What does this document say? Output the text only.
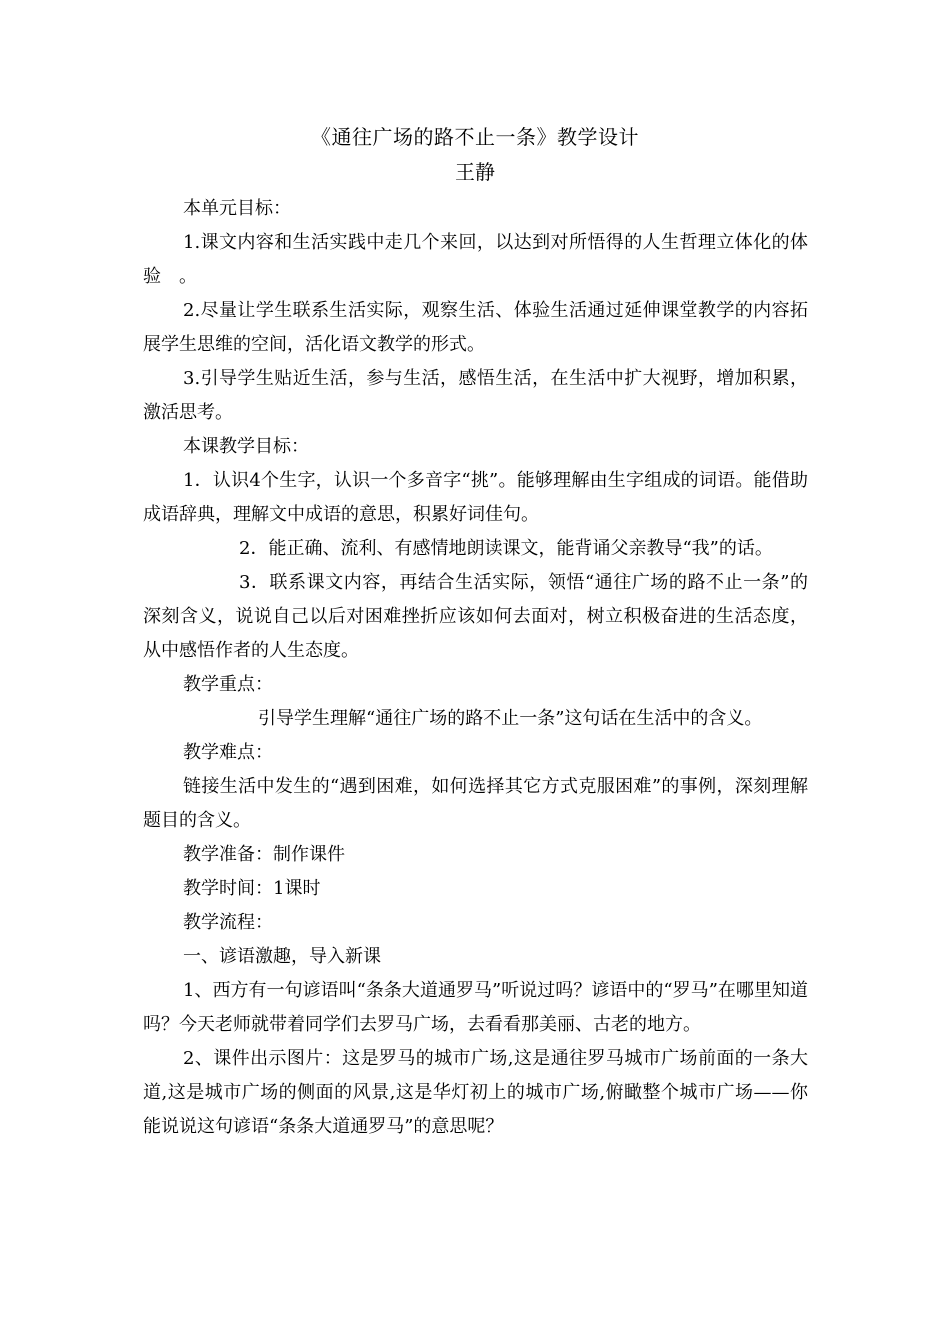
《通往广场的路不止一条》教学设计
王静

本单元目标：

1.课文内容和生活实践中走几个来回，以达到对所悟得的人生哲理立体化的体验　。

2.尽量让学生联系生活实际，观察生活、体验生活通过延伸课堂教学的内容拓展学生思维的空间，活化语文教学的形式。

3.引导学生贴近生活，参与生活，感悟生活，在生活中扩大视野，增加积累，激活思考。

本课教学目标：

1．认识4个生字，认识一个多音字“挑”。能够理解由生字组成的词语。能借助成语辞典，理解文中成语的意思，积累好词佳句。

2．能正确、流利、有感情地朗读课文，能背诵父亲教导“我”的话。

3．联系课文内容，再结合生活实际，领悟“通往广场的路不止一条”的深刻含义，说说自己以后对困难挫折应该如何去面对，树立积极奋进的生活态度，从中感悟作者的人生态度。

教学重点：

引导学生理解“通往广场的路不止一条”这句话在生活中的含义。

教学难点：

链接生活中发生的“遇到困难，如何选择其它方式克服困难”的事例，深刻理解题目的含义。

教学准备：制作课件

教学时间：1课时

教学流程：

一、谚语激趣，导入新课

1、西方有一句谚语叫“条条大道通罗马”听说过吗？谚语中的“罗马”在哪里知道吗？今天老师就带着同学们去罗马广场，去看看那美丽、古老的地方。

2、课件出示图片：这是罗马的城市广场,这是通往罗马城市广场前面的一条大道,这是城市广场的侧面的风景,这是华灯初上的城市广场,俯瞰整个城市广场——你能说说这句谚语“条条大道通罗马”的意思呢？
